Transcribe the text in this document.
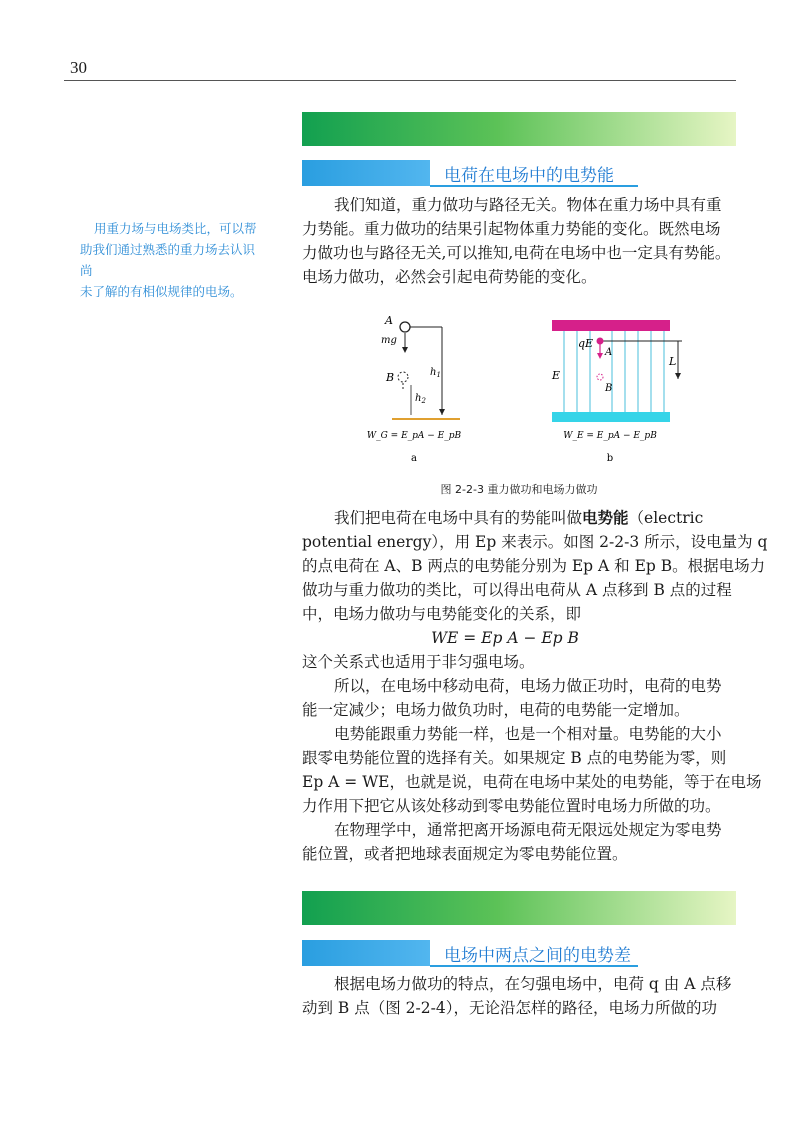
30
电荷在电场中的电势能
用重力场与电场类比，可以帮
助我们通过熟悉的重力场去认识尚
未了解的有相似规律的电场。
我们知道，重力做功与路径无关。物体在重力场中具有重
力势能。重力做功的结果引起物体重力势能的变化。既然电场
力做功也与路径无关,可以推知,电荷在电场中也一定具有势能。
电场力做功，必然会引起电荷势能的变化。
A
mg
B	$h_1$
$h_2$
W_G = E_pA − E_pB
a
qE
A
B
E
L
W_E = E_pA − E_pB
b
图 2-2-3 重力做功和电场力做功
我们把电荷在电场中具有的势能叫做电势能（electric
potential energy），用 Ep 来表示。如图 2-2-3 所示，设电量为 q
的点电荷在 A、B 两点的电势能分别为 Ep A 和 Ep B。根据电场力
做功与重力做功的类比，可以得出电荷从 A 点移到 B 点的过程
中，电场力做功与电势能变化的关系，即
WE = Ep A − Ep B
这个关系式也适用于非匀强电场。
所以，在电场中移动电荷，电场力做正功时，电荷的电势
能一定减少；电场力做负功时，电荷的电势能一定增加。
电势能跟重力势能一样，也是一个相对量。电势能的大小
跟零电势能位置的选择有关。如果规定 B 点的电势能为零，则
Ep A = WE，也就是说，电荷在电场中某处的电势能，等于在电场
力作用下把它从该处移动到零电势能位置时电场力所做的功。
在物理学中，通常把离开场源电荷无限远处规定为零电势
能位置，或者把地球表面规定为零电势能位置。
电场中两点之间的电势差
根据电场力做功的特点，在匀强电场中，电荷 q 由 A 点移
动到 B 点（图 2-2-4），无论沿怎样的路径，电场力所做的功
